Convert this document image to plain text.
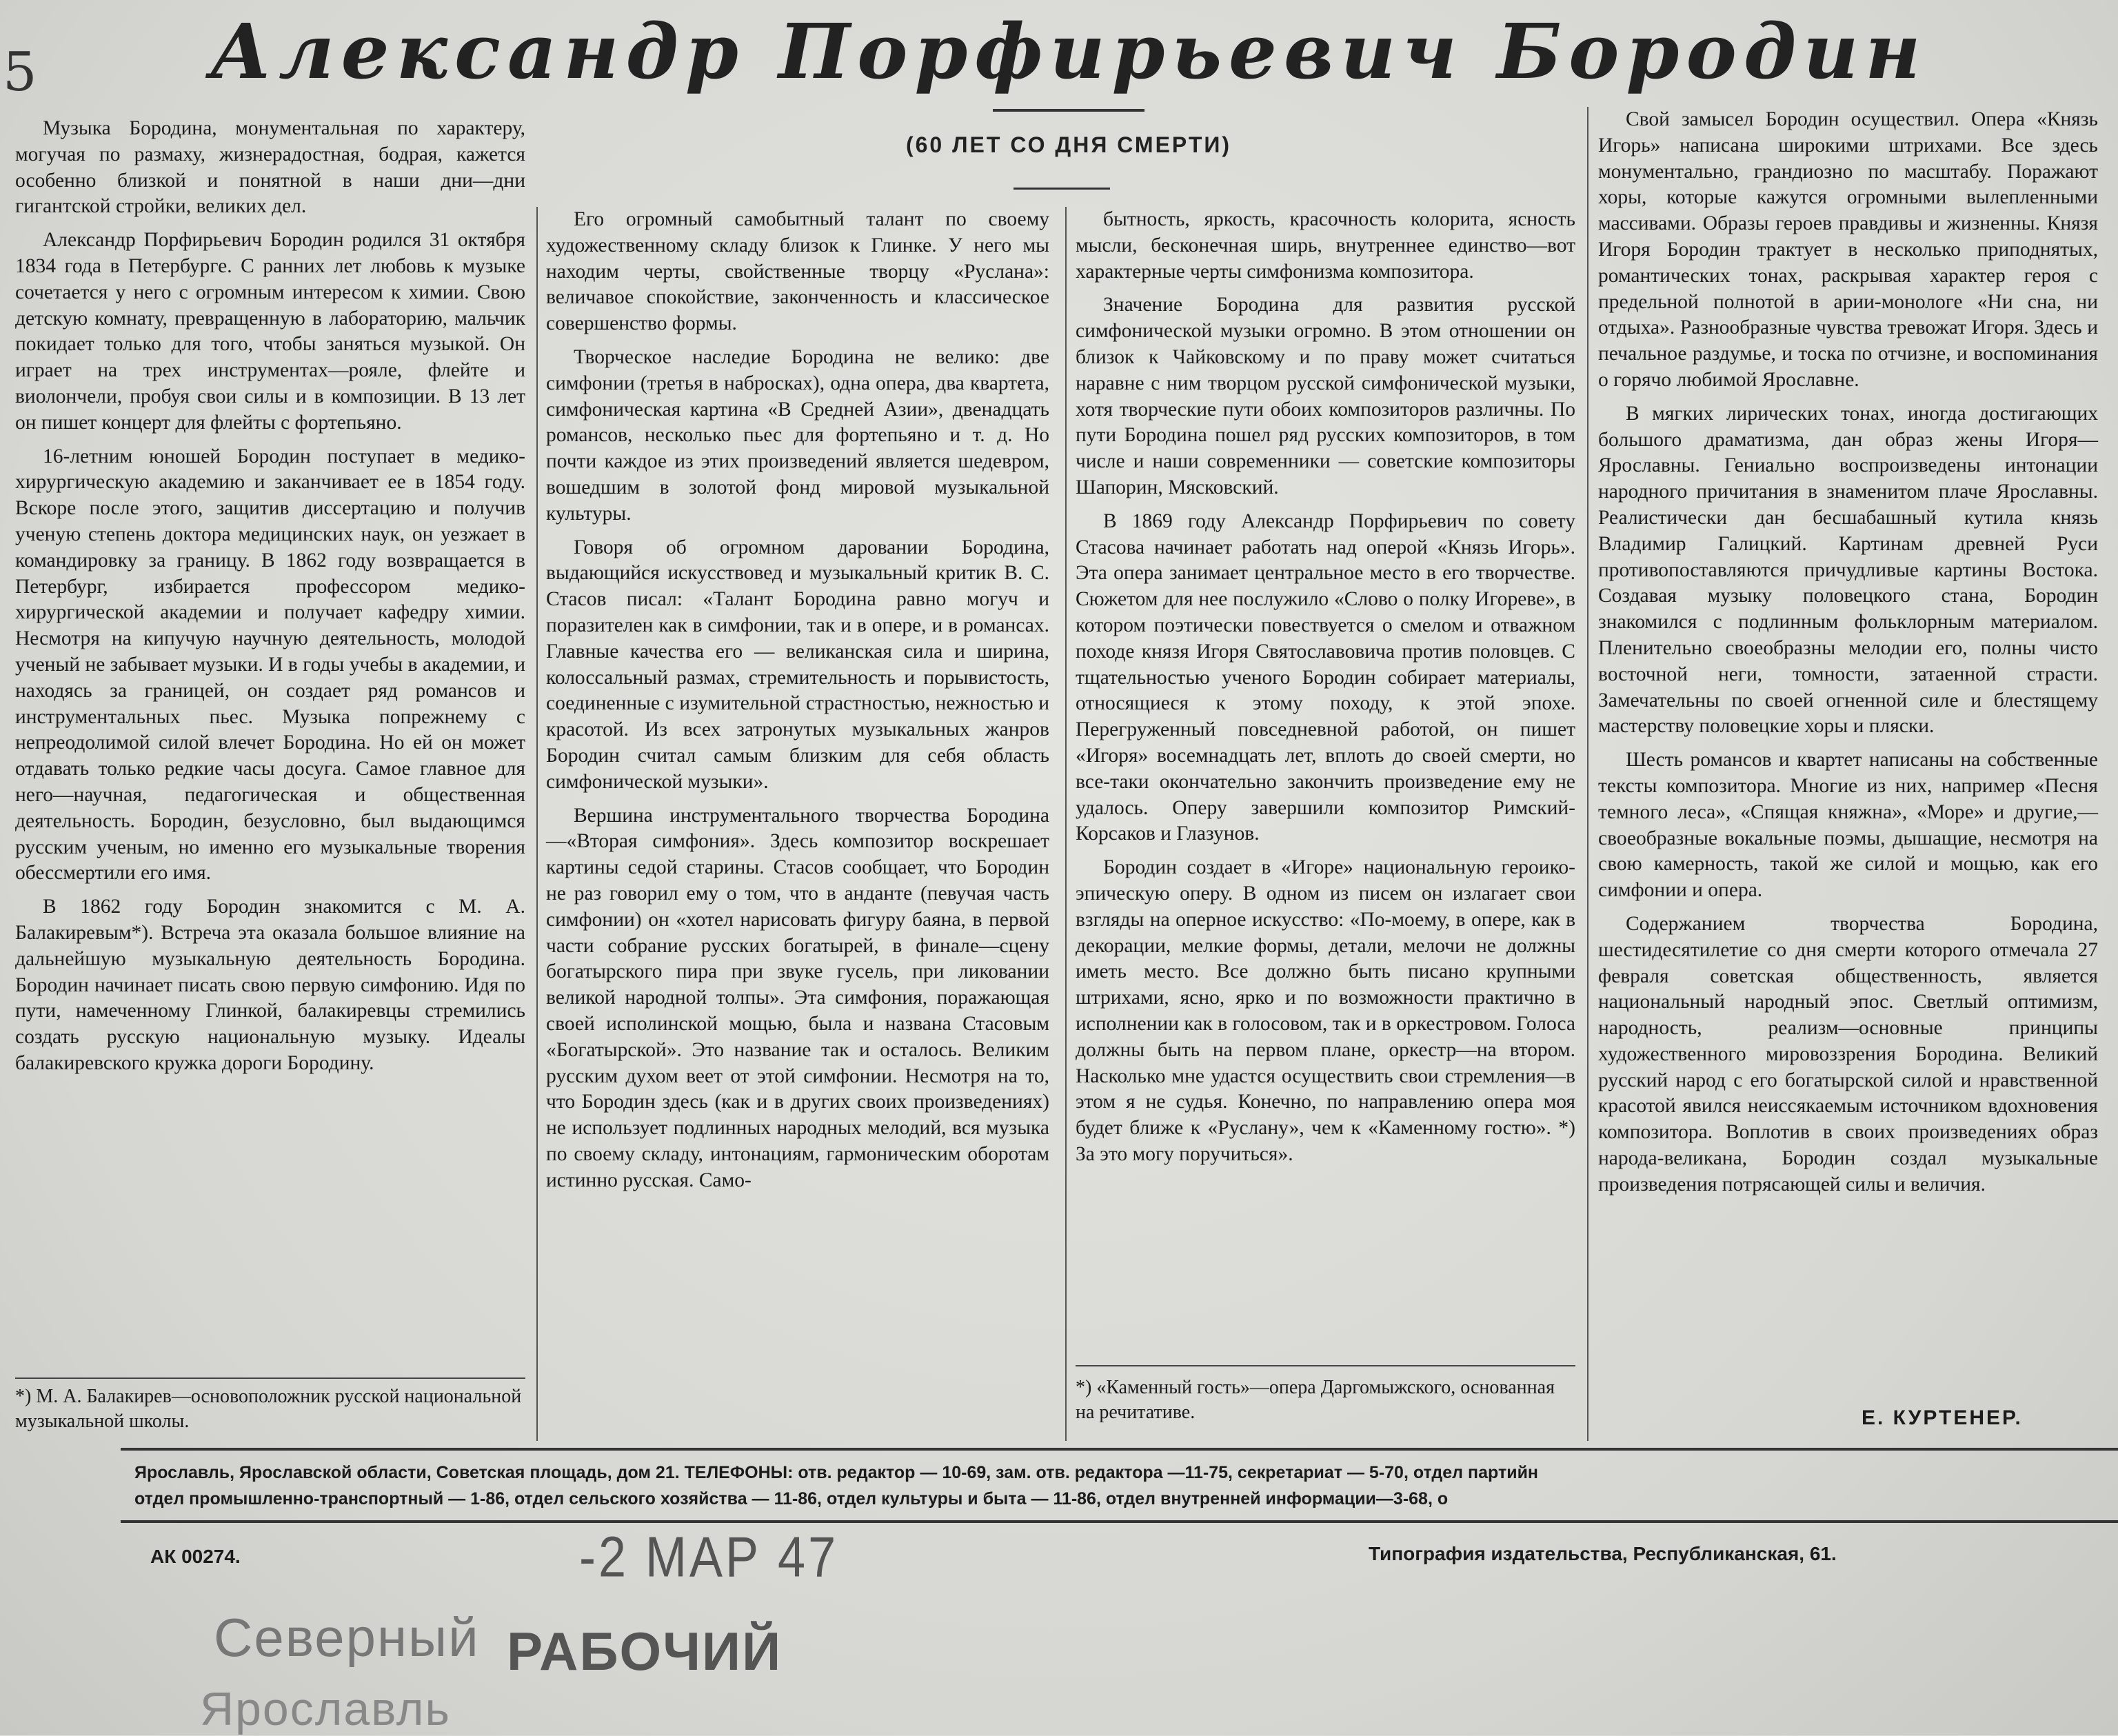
5 Александр Порфирьевич Бородин
(60 ЛЕТ СО ДНЯ СМЕРТИ)

Музыка Бородина, монументальная по характеру, могучая по размаху, жизнерадостная, бодрая, кажется особенно близкой и понятной в наши дни—дни гигантской стройки, великих дел.

Александр Порфирьевич Бородин родился 31 октября 1834 года в Петербурге. С ранних лет любовь к музыке сочетается у него с огромным интересом к химии. Свою детскую комнату, превращенную в лабораторию, мальчик покидает только для того, чтобы заняться музыкой. Он играет на трех инструментах—рояле, флейте и виолончели, пробуя свои силы и в композиции. В 13 лет он пишет концерт для флейты с фортепьяно.

16-летним юношей Бородин поступает в медико-хирургическую академию и заканчивает ее в 1854 году. Вскоре после этого, защитив диссертацию и получив ученую степень доктора медицинских наук, он уезжает в командировку за границу. В 1862 году возвращается в Петербург, избирается профессором медико-хирургической академии и получает кафедру химии. Несмотря на кипучую научную деятельность, молодой ученый не забывает музыки. И в годы учебы в академии, и находясь за границей, он создает ряд романсов и инструментальных пьес. Музыка попрежнему с непреодолимой силой влечет Бородина. Но ей он может отдавать только редкие часы досуга. Самое главное для него—научная, педагогическая и общественная деятельность. Бородин, безусловно, был выдающимся русским ученым, но именно его музыкальные творения обессмертили его имя.

В 1862 году Бородин знакомится с М. А. Балакиревым*). Встреча эта оказала большое влияние на дальнейшую музыкальную деятельность Бородина. Бородин начинает писать свою первую симфонию. Идя по пути, намеченному Глинкой, балакиревцы стремились создать русскую национальную музыку. Идеалы балакиревского кружка дороги Бородину.

Его огромный самобытный талант по своему художественному складу близок к Глинке. У него мы находим черты, свойственные творцу «Руслана»: величавое спокойствие, законченность и классическое совершенство формы.

Творческое наследие Бородина не велико: две симфонии (третья в набросках), одна опера, два квартета, симфоническая картина «В Средней Азии», двенадцать романсов, несколько пьес для фортепьяно и т. д. Но почти каждое из этих произведений является шедевром, вошедшим в золотой фонд мировой музыкальной культуры.

Говоря об огромном даровании Бородина, выдающийся искусствовед и музыкальный критик В. С. Стасов писал: «Талант Бородина равно могуч и поразителен как в симфонии, так и в опере, и в романсах. Главные качества его — великанская сила и ширина, колоссальный размах, стремительность и порывистость, соединенные с изумительной страстностью, нежностью и красотой. Из всех затронутых музыкальных жанров Бородин считал самым близким для себя область симфонической музыки».

Вершина инструментального творчества Бородина—«Вторая симфония». Здесь композитор воскрешает картины седой старины. Стасов сообщает, что Бородин не раз говорил ему о том, что в анданте (певучая часть симфонии) он «хотел нарисовать фигуру баяна, в первой части собрание русских богатырей, в финале—сцену богатырского пира при звуке гусель, при ликовании великой народной толпы». Эта симфония, поражающая своей исполинской мощью, была и названа Стасовым «Богатырской». Это название так и осталось. Великим русским духом веет от этой симфонии. Несмотря на то, что Бородин здесь (как и в других своих произведениях) не использует подлинных народных мелодий, вся музыка по своему складу, интонациям, гармоническим оборотам истинно русская. Само-

бытность, яркость, красочность колорита, ясность мысли, бесконечная ширь, внутреннее единство—вот характерные черты симфонизма композитора.

Значение Бородина для развития русской симфонической музыки огромно. В этом отношении он близок к Чайковскому и по праву может считаться наравне с ним творцом русской симфонической музыки, хотя творческие пути обоих композиторов различны. По пути Бородина пошел ряд русских композиторов, в том числе и наши современники — советские композиторы Шапорин, Мясковский.

В 1869 году Александр Порфирьевич по совету Стасова начинает работать над оперой «Князь Игорь». Эта опера занимает центральное место в его творчестве. Сюжетом для нее послужило «Слово о полку Игореве», в котором поэтически повествуется о смелом и отважном походе князя Игоря Святославовича против половцев. С тщательностью ученого Бородин собирает материалы, относящиеся к этому походу, к этой эпохе. Перегруженный повседневной работой, он пишет «Игоря» восемнадцать лет, вплоть до своей смерти, но все-таки окончательно закончить произведение ему не удалось. Оперу завершили композитор Римский-Корсаков и Глазунов.

Бородин создает в «Игоре» национальную героико-эпическую оперу. В одном из писем он излагает свои взгляды на оперное искусство: «По-моему, в опере, как в декорации, мелкие формы, детали, мелочи не должны иметь место. Все должно быть писано крупными штрихами, ясно, ярко и по возможности практично в исполнении как в голосовом, так и в оркестровом. Голоса должны быть на первом плане, оркестр—на втором. Насколько мне удастся осуществить свои стремления—в этом я не судья. Конечно, по направлению опера моя будет ближе к «Руслану», чем к «Каменному гостю». *) За это могу поручиться».

Свой замысел Бородин осуществил. Опера «Князь Игорь» написана широкими штрихами. Все здесь монументально, грандиозно по масштабу. Поражают хоры, которые кажутся огромными вылепленными массивами. Образы героев правдивы и жизненны. Князя Игоря Бородин трактует в несколько приподнятых, романтических тонах, раскрывая характер героя с предельной полнотой в арии-монологе «Ни сна, ни отдыха». Разнообразные чувства тревожат Игоря. Здесь и печальное раздумье, и тоска по отчизне, и воспоминания о горячо любимой Ярославне.

В мягких лирических тонах, иногда достигающих большого драматизма, дан образ жены Игоря—Ярославны. Гениально воспроизведены интонации народного причитания в знаменитом плаче Ярославны. Реалистически дан бесшабашный кутила князь Владимир Галицкий. Картинам древней Руси противопоставляются причудливые картины Востока. Создавая музыку половецкого стана, Бородин знакомился с подлинным фольклорным материалом. Пленительно своеобразны мелодии его, полны чисто восточной неги, томности, затаенной страсти. Замечательны по своей огненной силе и блестящему мастерству половецкие хоры и пляски.

Шесть романсов и квартет написаны на собственные тексты композитора. Многие из них, например «Песня темного леса», «Спящая княжна», «Море» и другие,—своеобразные вокальные поэмы, дышащие, несмотря на свою камерность, такой же силой и мощью, как его симфонии и опера.

Содержанием творчества Бородина, шестидесятилетие со дня смерти которого отмечала 27 февраля советская общественность, является национальный народный эпос. Светлый оптимизм, народность, реализм—основные принципы художественного мировоззрения Бородина. Великий русский народ с его богатырской силой и нравственной красотой явился неиссякаемым источником вдохновения композитора. Воплотив в своих произведениях образ народа-великана, Бородин создал музыкальные произведения потрясающей силы и величия.

*) М. А. Балакирев—основоположник русской национальной музыкальной школы.
*) «Каменный гость»—опера Даргомыжского, основанная на речитативе.	Е. КУРТЕНЕР.
Ярославль, Ярославской области, Советская площадь, дом 21. ТЕЛЕФОНЫ: отв. редактор — 10-69, зам. отв. редактора —11-75, секретариат — 5-70, отдел партийн
отдел промышленно-транспортный — 1-86, отдел сельского хозяйства — 11-86, отдел культуры и быта — 11-86, отдел внутренней информации—3-68, о
АК 00274.	-2 МАР 47	Типография издательства, Республиканская, 61.
Северный РАБОЧИЙ
Ярославль
